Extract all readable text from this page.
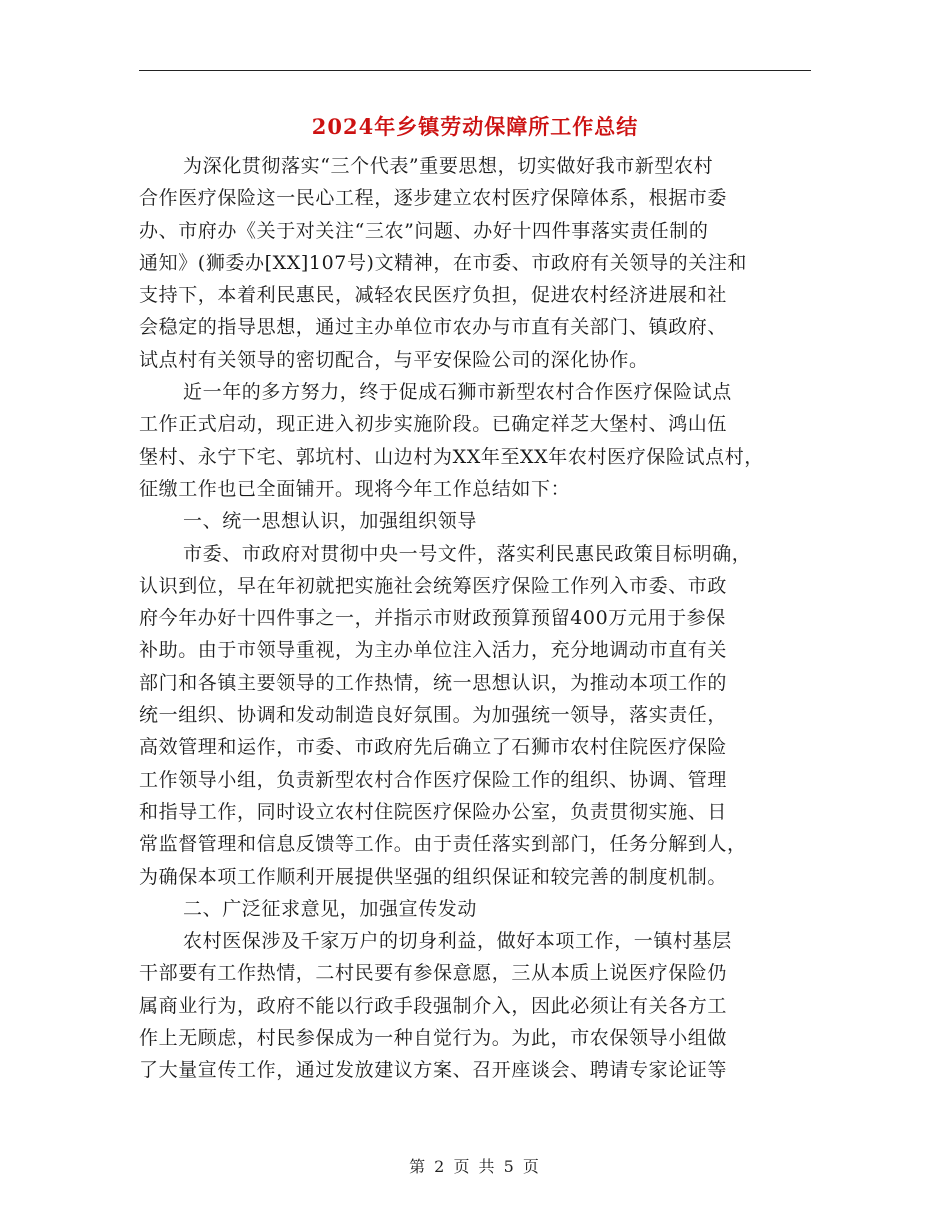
2024年乡镇劳动保障所工作总结
为深化贯彻落实“三个代表”重要思想，切实做好我市新型农村
合作医疗保险这一民心工程，逐步建立农村医疗保障体系，根据市委
办、市府办《关于对关注“三农”问题、办好十四件事落实责任制的
通知》(狮委办[XX]107号)文精神，在市委、市政府有关领导的关注和
支持下，本着利民惠民，减轻农民医疗负担，促进农村经济进展和社
会稳定的指导思想，通过主办单位市农办与市直有关部门、镇政府、
试点村有关领导的密切配合，与平安保险公司的深化协作。
近一年的多方努力，终于促成石狮市新型农村合作医疗保险试点
工作正式启动，现正进入初步实施阶段。已确定祥芝大堡村、鸿山伍
堡村、永宁下宅、郭坑村、山边村为XX年至XX年农村医疗保险试点村，
征缴工作也已全面铺开。现将今年工作总结如下：
一、统一思想认识，加强组织领导
市委、市政府对贯彻中央一号文件，落实利民惠民政策目标明确，
认识到位，早在年初就把实施社会统筹医疗保险工作列入市委、市政
府今年办好十四件事之一，并指示市财政预算预留400万元用于参保
补助。由于市领导重视，为主办单位注入活力，充分地调动市直有关
部门和各镇主要领导的工作热情，统一思想认识，为推动本项工作的
统一组织、协调和发动制造良好氛围。为加强统一领导，落实责任，
高效管理和运作，市委、市政府先后确立了石狮市农村住院医疗保险
工作领导小组，负责新型农村合作医疗保险工作的组织、协调、管理
和指导工作，同时设立农村住院医疗保险办公室，负责贯彻实施、日
常监督管理和信息反馈等工作。由于责任落实到部门，任务分解到人，
为确保本项工作顺利开展提供坚强的组织保证和较完善的制度机制。
二、广泛征求意见，加强宣传发动
农村医保涉及千家万户的切身利益，做好本项工作，一镇村基层
干部要有工作热情，二村民要有参保意愿，三从本质上说医疗保险仍
属商业行为，政府不能以行政手段强制介入，因此必须让有关各方工
作上无顾虑，村民参保成为一种自觉行为。为此，市农保领导小组做
了大量宣传工作，通过发放建议方案、召开座谈会、聘请专家论证等
第 2 页 共 5 页
